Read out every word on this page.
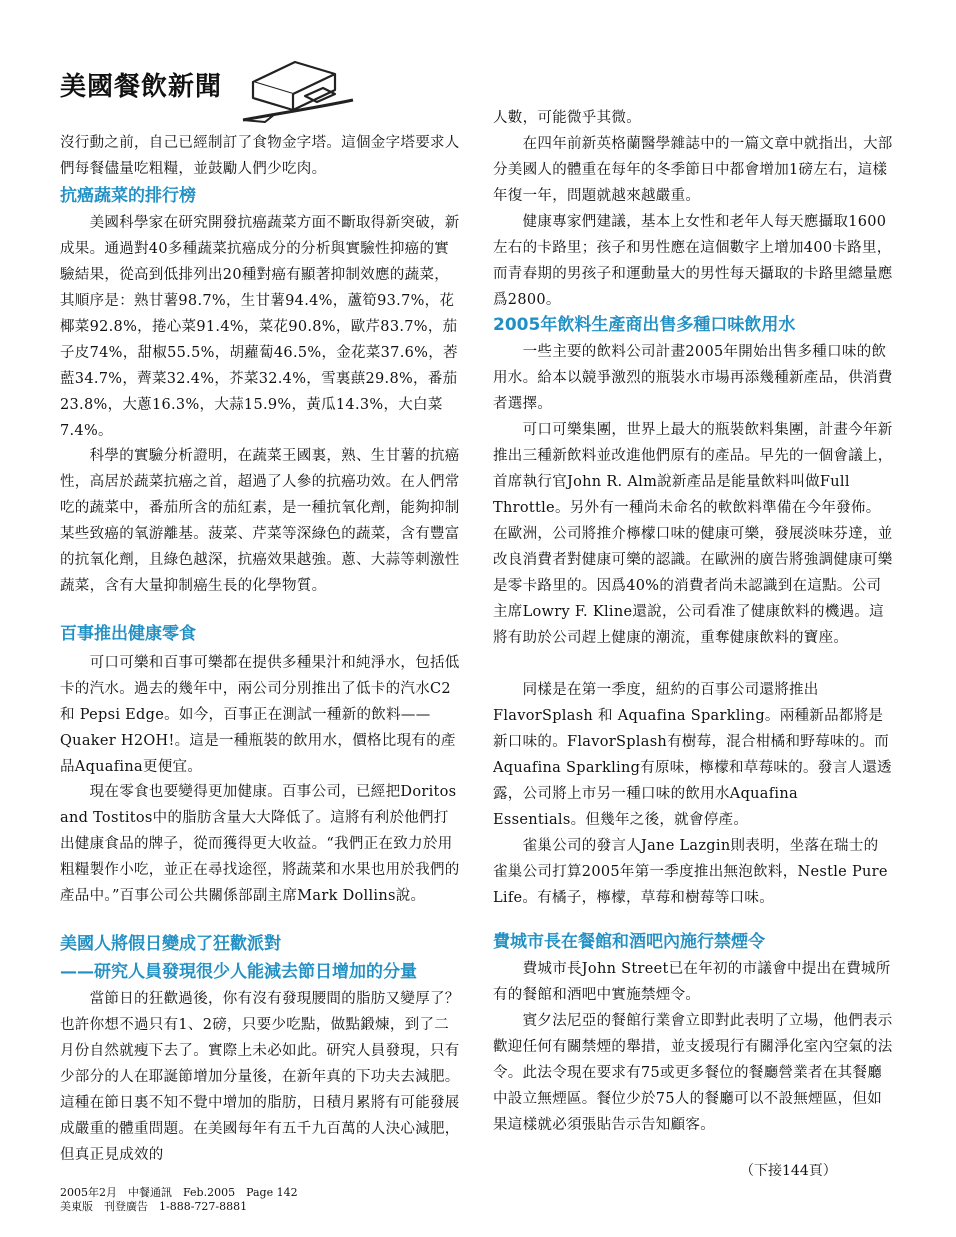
美國餐飲新聞

沒行動之前，自己已經制訂了食物金字塔。這個金字塔要求人們每餐儘量吃粗糧，並鼓勵人們少吃肉。

抗癌蔬菜的排行榜

　　美國科學家在研究開發抗癌蔬菜方面不斷取得新突破，新成果。通過對40多種蔬菜抗癌成分的分析與實驗性抑癌的實驗結果，從高到低排列出20種對癌有顯著抑制效應的蔬菜，其順序是：熟甘薯98.7%，生甘薯94.4%，蘆筍93.7%，花椰菜92.8%，捲心菜91.4%，菜花90.8%，歐芹83.7%，茄子皮74%，甜椒55.5%，胡蘿蔔46.5%，金花菜37.6%，莕藍34.7%，薺菜32.4%，芥菜32.4%，雪裏蕻29.8%，番茄23.8%，大蔥16.3%，大蒜15.9%，黃瓜14.3%，大白菜7.4%。

　　科學的實驗分析證明，在蔬菜王國裏，熟、生甘薯的抗癌性，高居於蔬菜抗癌之首，超過了人參的抗癌功效。在人們常吃的蔬菜中，番茄所含的茄紅素，是一種抗氧化劑，能夠抑制某些致癌的氧游離基。菠菜、芹菜等深綠色的蔬菜，含有豐富的抗氧化劑，且綠色越深，抗癌效果越強。蔥、大蒜等刺激性蔬菜，含有大量抑制癌生長的化學物質。

百事推出健康零食

　　可口可樂和百事可樂都在提供多種果汁和純淨水，包括低卡的汽水。過去的幾年中，兩公司分別推出了低卡的汽水C2 和 Pepsi Edge。如今，百事正在測試一種新的飲料——Quaker H2OH!。這是一種瓶裝的飲用水，價格比現有的產品Aquafina更便宜。

　　現在零食也要變得更加健康。百事公司，已經把Doritos and Tostitos中的脂肪含量大大降低了。這將有利於他們打出健康食品的牌子，從而獲得更大收益。“我們正在致力於用粗糧製作小吃，並正在尋找途徑，將蔬菜和水果也用於我們的產品中。”百事公司公共關係部副主席Mark Dollins說。

美國人將假日變成了狂歡派對
——研究人員發現很少人能減去節日增加的分量

　　當節日的狂歡過後，你有沒有發現腰間的脂肪又變厚了？也許你想不過只有1、2磅，只要少吃點，做點鍛煉，到了二月份自然就瘦下去了。實際上未必如此。研究人員發現，只有少部分的人在耶誕節增加分量後，在新年真的下功夫去減肥。這種在節日裏不知不覺中增加的脂肪，日積月累將有可能發展成嚴重的體重問題。在美國每年有五千九百萬的人決心減肥，但真正見成效的

人數，可能微乎其微。

　　在四年前新英格蘭醫學雜誌中的一篇文章中就指出，大部分美國人的體重在每年的冬季節日中都會增加1磅左右，這樣年復一年，問題就越來越嚴重。

　　健康專家們建議，基本上女性和老年人每天應攝取1600左右的卡路里；孩子和男性應在這個數字上增加400卡路里，而青春期的男孩子和運動量大的男性每天攝取的卡路里總量應爲2800。

2005年飲料生產商出售多種口味飲用水

　　一些主要的飲料公司計畫2005年開始出售多種口味的飲用水。給本以競爭激烈的瓶裝水市場再添幾種新產品，供消費者選擇。

　　可口可樂集團，世界上最大的瓶裝飲料集團，計畫今年新推出三種新飲料並改進他們原有的產品。早先的一個會議上，首席執行官John R. Alm說新產品是能量飲料叫做Full Throttle。另外有一種尚未命名的軟飲料準備在今年發佈。在歐洲，公司將推介檸檬口味的健康可樂，發展淡味芬達，並改良消費者對健康可樂的認識。在歐洲的廣告將強調健康可樂是零卡路里的。因爲40%的消費者尚未認識到在這點。公司主席Lowry F. Kline還說，公司看准了健康飲料的機遇。這將有助於公司趕上健康的潮流，重奪健康飲料的寶座。

　　同樣是在第一季度，紐約的百事公司還將推出FlavorSplash 和 Aquafina Sparkling。兩種新品都將是新口味的。FlavorSplash有樹莓，混合柑橘和野莓味的。而Aquafina Sparkling有原味，檸檬和草莓味的。發言人還透露，公司將上市另一種口味的飲用水Aquafina Essentials。但幾年之後，就會停產。

　　雀巢公司的發言人Jane Lazgin則表明，坐落在瑞士的雀巢公司打算2005年第一季度推出無泡飲料，Nestle Pure Life。有橘子，檸檬，草莓和樹莓等口味。

費城市長在餐館和酒吧內施行禁煙令

　　費城市長John Street已在年初的市議會中提出在費城所有的餐館和酒吧中實施禁煙令。

　　賓夕法尼亞的餐館行業會立即對此表明了立場，他們表示歡迎任何有關禁煙的舉措，並支援現行有關淨化室內空氣的法令。此法令現在要求有75或更多餐位的餐廳營業者在其餐廳中設立無煙區。餐位少於75人的餐廳可以不設無煙區，但如果這樣就必須張貼告示告知顧客。

（下接144頁）
2005年2月　中餐通訊　Feb.2005　Page 142
美東版　刊登廣告　1-888-727-8881
